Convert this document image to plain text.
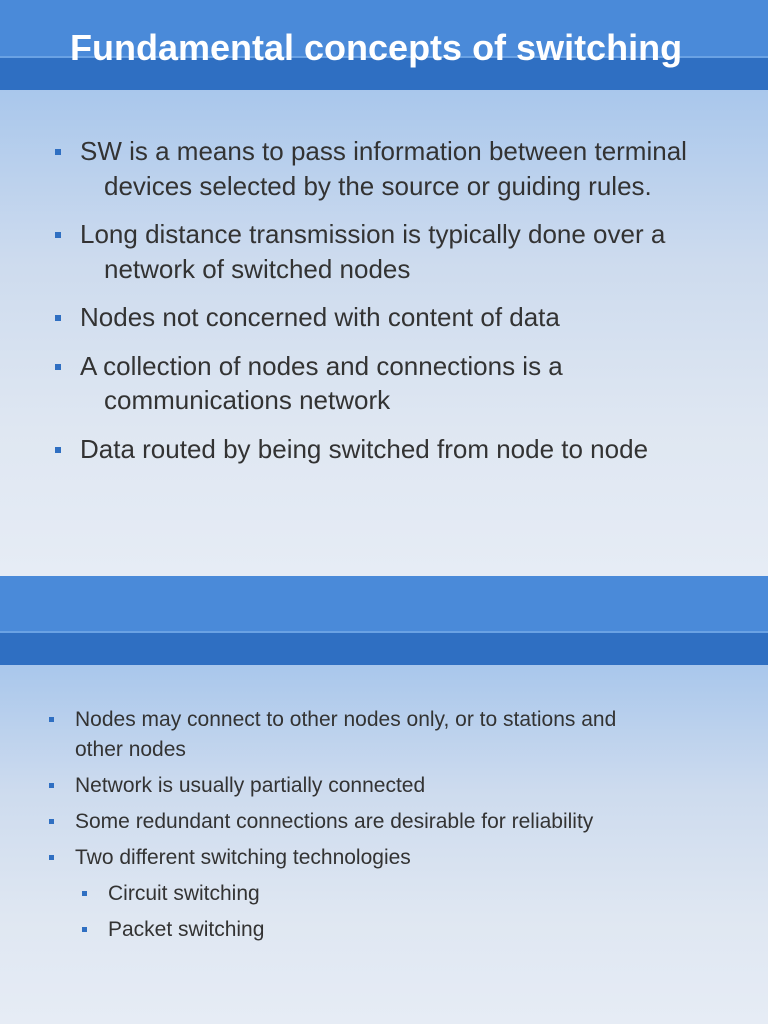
Fundamental concepts of switching
SW is a means to pass information between terminal devices selected by the source or guiding rules.
Long distance transmission is typically done over a network of switched nodes
Nodes not concerned with content of data
A collection of nodes and connections is a communications network
Data routed by being switched from node to node
Nodes may connect to other nodes only, or to stations and other nodes
Network is usually partially connected
Some redundant connections are desirable for reliability
Two different switching technologies
Circuit switching
Packet switching
